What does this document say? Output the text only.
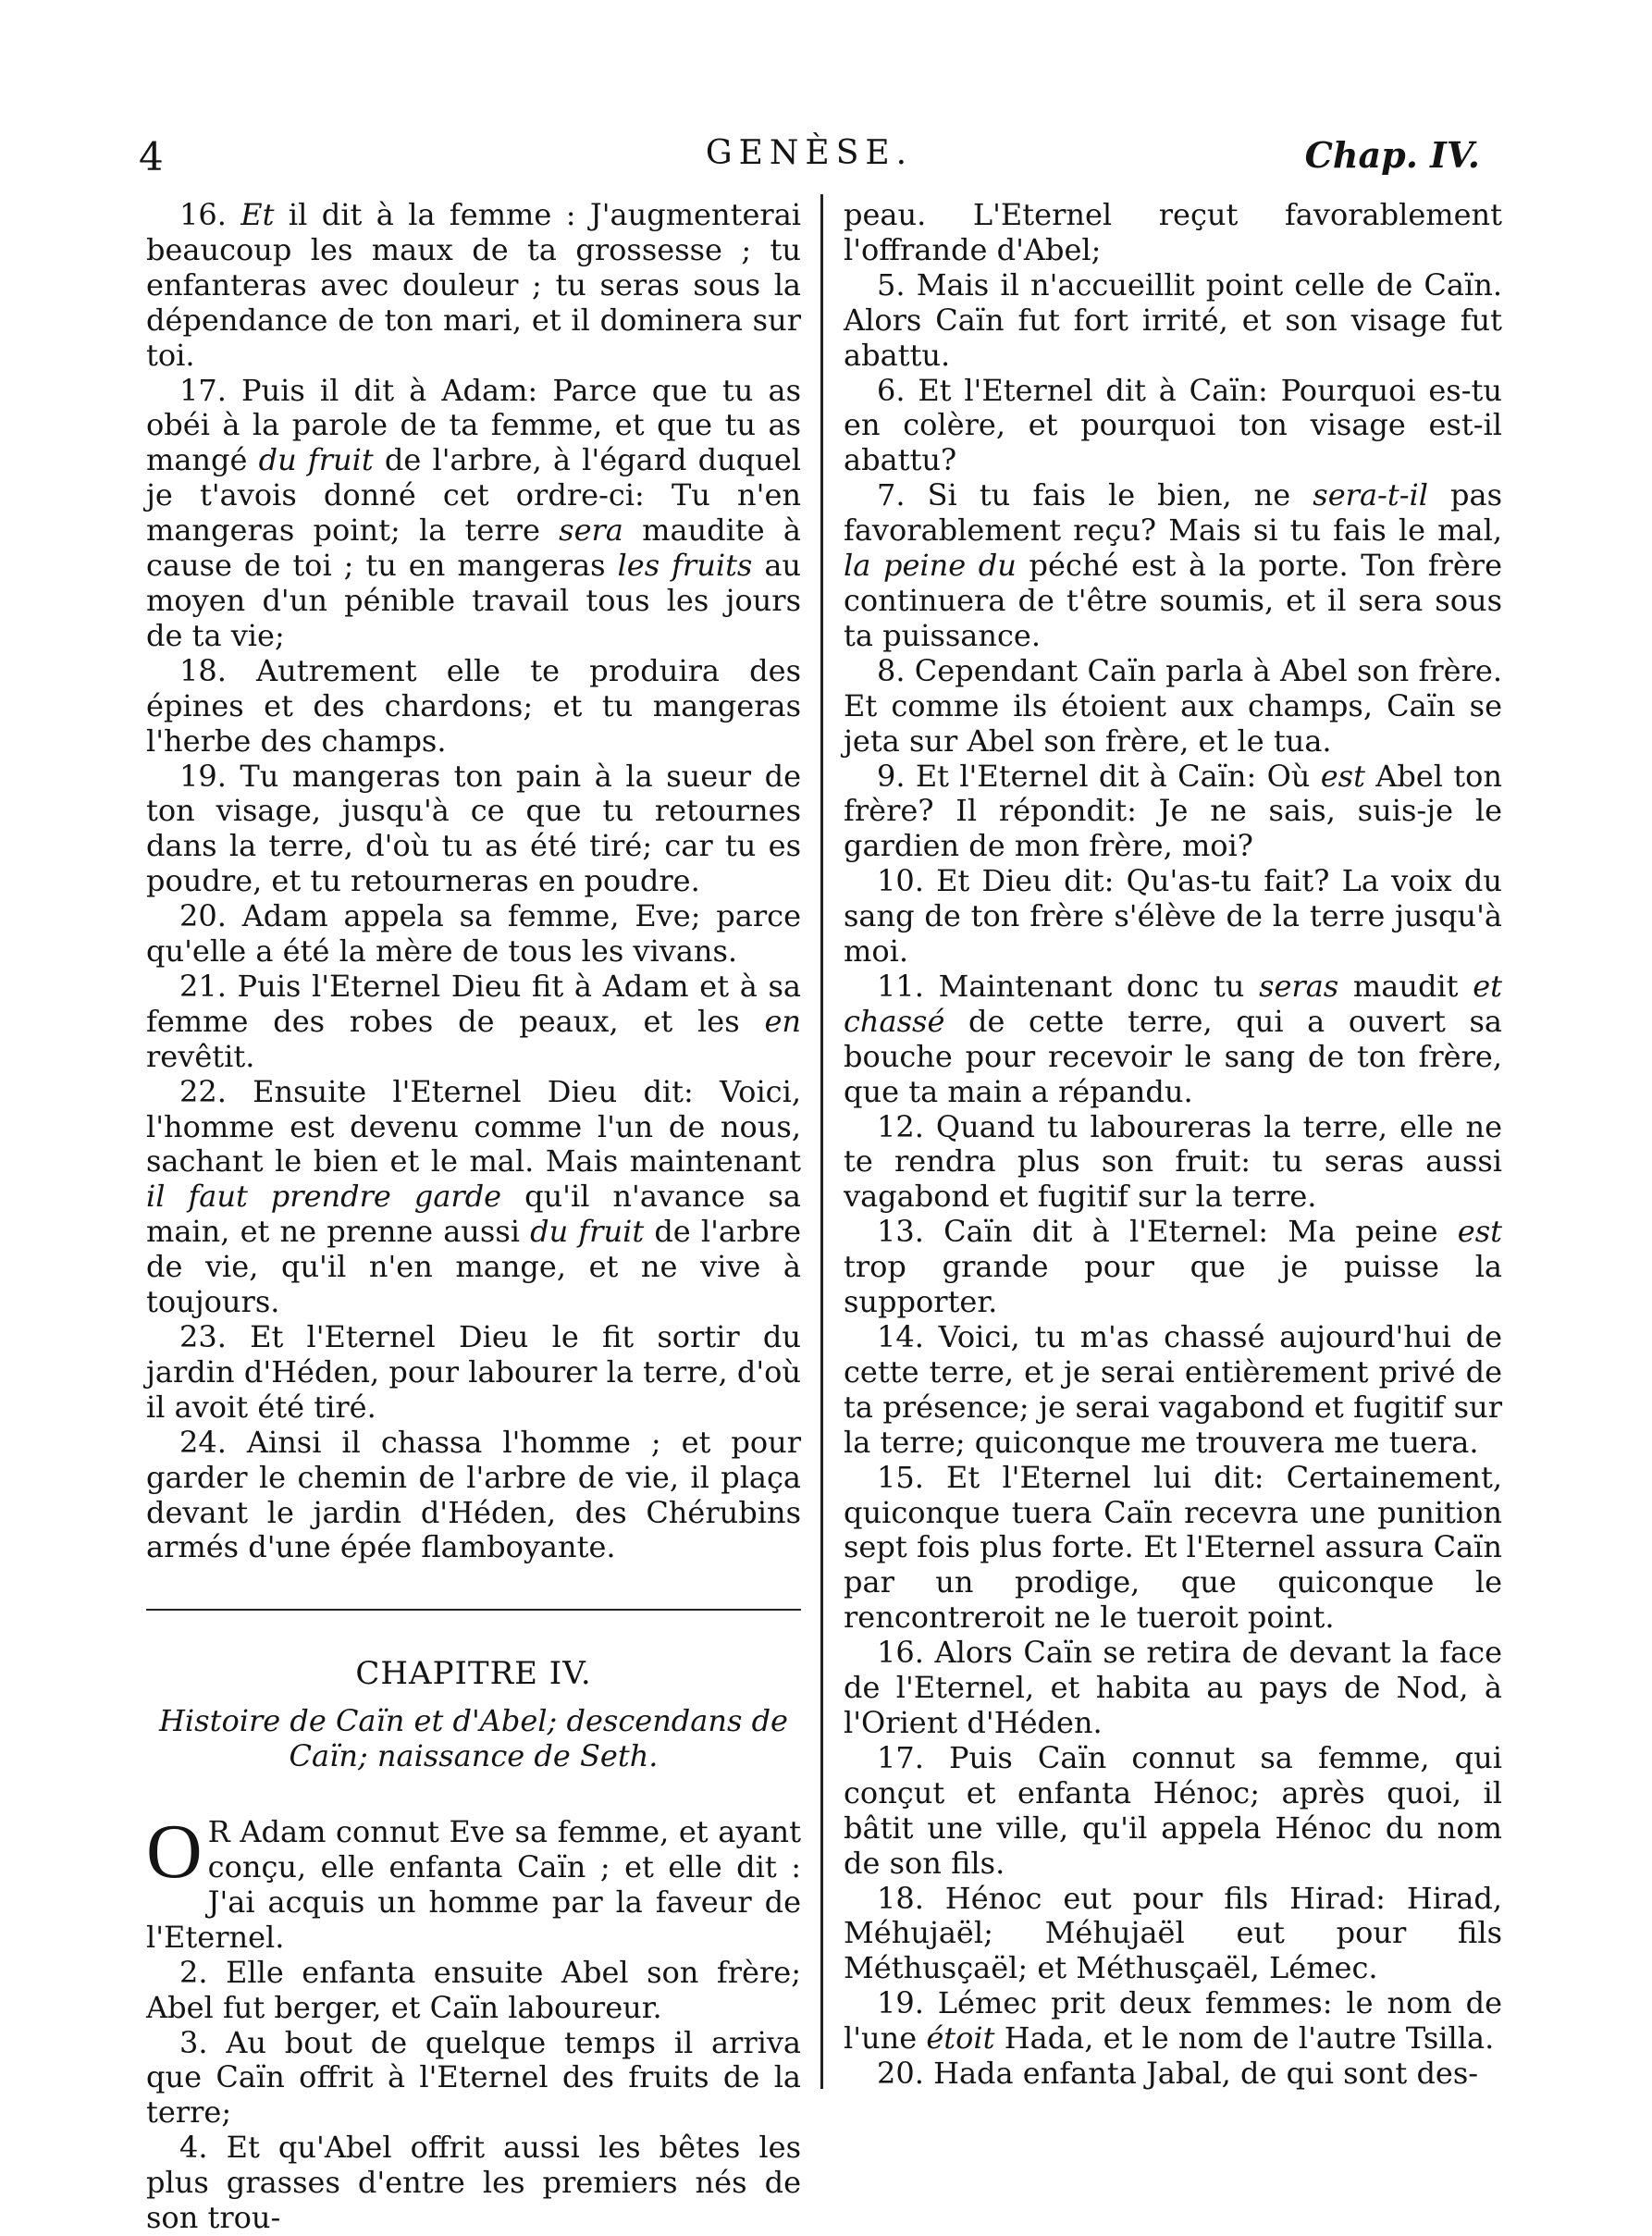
4	GENÈSE.	Chap. IV.

16. Et il dit à la femme : J'augmenterai beaucoup les maux de ta grossesse ; tu enfanteras avec douleur ; tu seras sous la dépendance de ton mari, et il dominera sur toi.

17. Puis il dit à Adam: Parce que tu as obéi à la parole de ta femme, et que tu as mangé du fruit de l'arbre, à l'égard duquel je t'avois donné cet ordre-ci: Tu n'en mangeras point; la terre sera maudite à cause de toi ; tu en mangeras les fruits au moyen d'un pénible travail tous les jours de ta vie;

18. Autrement elle te produira des épines et des chardons; et tu mangeras l'herbe des champs.

19. Tu mangeras ton pain à la sueur de ton visage, jusqu'à ce que tu retournes dans la terre, d'où tu as été tiré; car tu es poudre, et tu retourneras en poudre.

20. Adam appela sa femme, Eve; parce qu'elle a été la mère de tous les vivans.

21. Puis l'Eternel Dieu fit à Adam et à sa femme des robes de peaux, et les en revêtit.

22. Ensuite l'Eternel Dieu dit: Voici, l'homme est devenu comme l'un de nous, sachant le bien et le mal. Mais maintenant il faut prendre garde qu'il n'avance sa main, et ne prenne aussi du fruit de l'arbre de vie, qu'il n'en mange, et ne vive à toujours.

23. Et l'Eternel Dieu le fit sortir du jardin d'Héden, pour labourer la terre, d'où il avoit été tiré.

24. Ainsi il chassa l'homme ; et pour garder le chemin de l'arbre de vie, il plaça devant le jardin d'Héden, des Chérubins armés d'une épée flamboyante.

CHAPITRE IV.

Histoire de Caïn et d'Abel; descendans de Caïn; naissance de Seth.

O R Adam connut Eve sa femme, et ayant conçu, elle enfanta Caïn ; et elle dit : J'ai acquis un homme par la faveur de l'Eternel.

2. Elle enfanta ensuite Abel son frère; Abel fut berger, et Caïn laboureur.

3. Au bout de quelque temps il arriva que Caïn offrit à l'Eternel des fruits de la terre;

4. Et qu'Abel offrit aussi les bêtes les plus grasses d'entre les premiers nés de son trou-

peau. L'Eternel reçut favorablement l'offrande d'Abel;

5. Mais il n'accueillit point celle de Caïn. Alors Caïn fut fort irrité, et son visage fut abattu.

6. Et l'Eternel dit à Caïn: Pourquoi es-tu en colère, et pourquoi ton visage est-il abattu?

7. Si tu fais le bien, ne sera-t-il pas favorablement reçu? Mais si tu fais le mal, la peine du péché est à la porte. Ton frère continuera de t'être soumis, et il sera sous ta puissance.

8. Cependant Caïn parla à Abel son frère. Et comme ils étoient aux champs, Caïn se jeta sur Abel son frère, et le tua.

9. Et l'Eternel dit à Caïn: Où est Abel ton frère? Il répondit: Je ne sais, suis-je le gardien de mon frère, moi?

10. Et Dieu dit: Qu'as-tu fait? La voix du sang de ton frère s'élève de la terre jusqu'à moi.

11. Maintenant donc tu seras maudit et chassé de cette terre, qui a ouvert sa bouche pour recevoir le sang de ton frère, que ta main a répandu.

12. Quand tu laboureras la terre, elle ne te rendra plus son fruit: tu seras aussi vagabond et fugitif sur la terre.

13. Caïn dit à l'Eternel: Ma peine est trop grande pour que je puisse la supporter.

14. Voici, tu m'as chassé aujourd'hui de cette terre, et je serai entièrement privé de ta présence; je serai vagabond et fugitif sur la terre; quiconque me trouvera me tuera.

15. Et l'Eternel lui dit: Certainement, quiconque tuera Caïn recevra une punition sept fois plus forte. Et l'Eternel assura Caïn par un prodige, que quiconque le rencontreroit ne le tueroit point.

16. Alors Caïn se retira de devant la face de l'Eternel, et habita au pays de Nod, à l'Orient d'Héden.

17. Puis Caïn connut sa femme, qui conçut et enfanta Hénoc; après quoi, il bâtit une ville, qu'il appela Hénoc du nom de son fils.

18. Hénoc eut pour fils Hirad: Hirad, Méhujaël; Méhujaël eut pour fils Méthusçaël; et Méthusçaël, Lémec.

19. Lémec prit deux femmes: le nom de l'une étoit Hada, et le nom de l'autre Tsilla.

20. Hada enfanta Jabal, de qui sont des-
